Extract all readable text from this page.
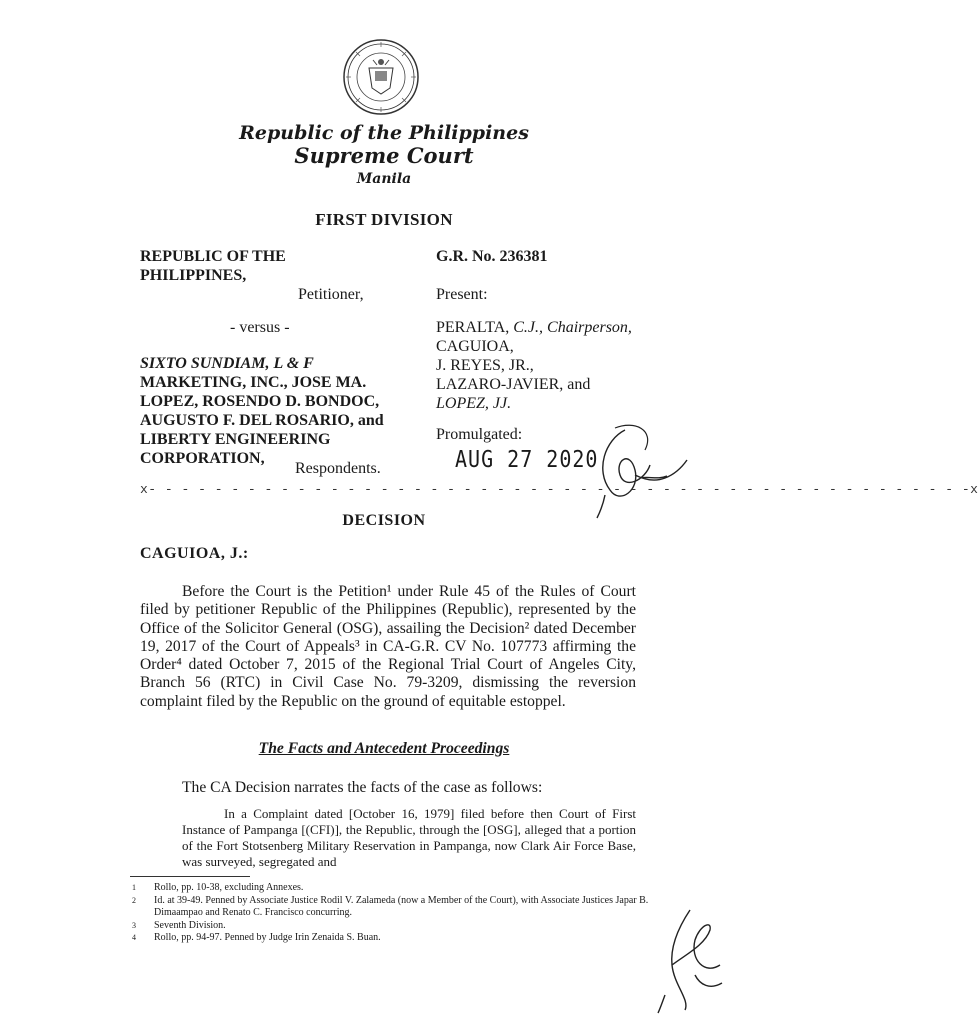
Republic of the Philippines
Supreme Court
Manila
FIRST DIVISION
REPUBLIC OF THE
PHILIPPINES,
Petitioner,
- versus -
SIXTO SUNDIAM, L & F
MARKETING, INC., JOSE MA.
LOPEZ, ROSENDO D. BONDOC,
AUGUSTO F. DEL ROSARIO, and
LIBERTY ENGINEERING
CORPORATION,
Respondents.
G.R. No. 236381
Present:
PERALTA, C.J., Chairperson,
CAGUIOA,
J. REYES, JR.,
LAZARO-JAVIER, and
LOPEZ, JJ.
Promulgated:
AUG 27 2020
x- - - - - - - - - - - - - - - - - - - - - - - - - - - - - - - - - - - - - - - - - - - - - - - - - -x
DECISION
CAGUIOA, J.:

Before the Court is the Petition¹ under Rule 45 of the Rules of Court filed by petitioner Republic of the Philippines (Republic), represented by the Office of the Solicitor General (OSG), assailing the Decision² dated December 19, 2017 of the Court of Appeals³ in CA-G.R. CV No. 107773 affirming the Order⁴ dated October 7, 2015 of the Regional Trial Court of Angeles City, Branch 56 (RTC) in Civil Case No. 79-3209, dismissing the reversion complaint filed by the Republic on the ground of equitable estoppel.

The Facts and Antecedent Proceedings
The CA Decision narrates the facts of the case as follows:

In a Complaint dated [October 16, 1979] filed before then Court of First Instance of Pampanga [(CFI)], the Republic, through the [OSG], alleged that a portion of the Fort Stotsenberg Military Reservation in Pampanga, now Clark Air Force Base, was surveyed, segregated and

1	Rollo, pp. 10-38, excluding Annexes.
2	Id. at 39-49. Penned by Associate Justice Rodil V. Zalameda (now a Member of the Court), with Associate Justices Japar B. Dimaampao and Renato C. Francisco concurring.
3	Seventh Division.
4	Rollo, pp. 94-97. Penned by Judge Irin Zenaida S. Buan.
